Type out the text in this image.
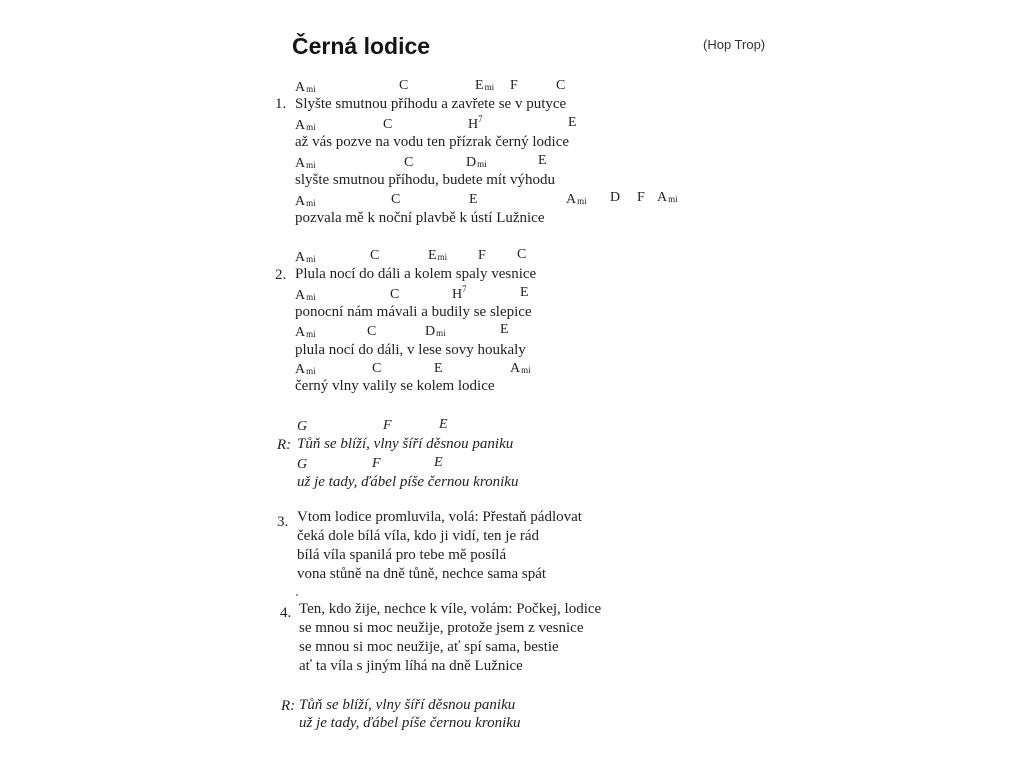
Černá lodice	(Hop Trop)
1.
$A_{mi}$	C	$E_{mi}$ F	C
Slyšte smutnou příhodu a zavřete se v putyce
$A_{mi}$	C	$H^7$	E
až vás pozve na vodu ten přízrak černý lodice
$A_{mi}$	C	$D_{mi}$	E
slyšte smutnou příhodu, budete mít výhodu
$A_{mi}$	C	E	$A_{mi}$ D F $A_{mi}$
pozvala mě k noční plavbě k ústí Lužnice
2.
$A_{mi}$	C	$E_{mi}$ F C
Plula nocí do dáli a kolem spaly vesnice
$A_{mi}$	C	$H^7$	E
ponocní nám mávali a budily se slepice
$A_{mi}$	C	$D_{mi}$	E
plula nocí do dáli, v lese sovy houkaly
$A_{mi}$	C	E	$A_{mi}$
černý vlny valily se kolem lodice
R:
G	F	E
Tůň se blíží, vlny šíří děsnou paniku
G	F	E
už je tady, ďábel píše černou kroniku
3. Vtom lodice promluvila, volá: Přestaň pádlovat
čeká dole bílá víla, kdo ji vidí, ten je rád
bílá víla spanilá pro tebe mě posílá
vona stůně na dně tůně, nechce sama spát
4. Ten, kdo žije, nechce k víle, volám: Počkej, lodice
se mnou si moc neužije, protože jsem z vesnice
se mnou si moc neužije, ať spí sama, bestie
ať ta víla s jiným líhá na dně Lužnice
R: Tůň se blíží, vlny šíří děsnou paniku
už je tady, ďábel píše černou kroniku
